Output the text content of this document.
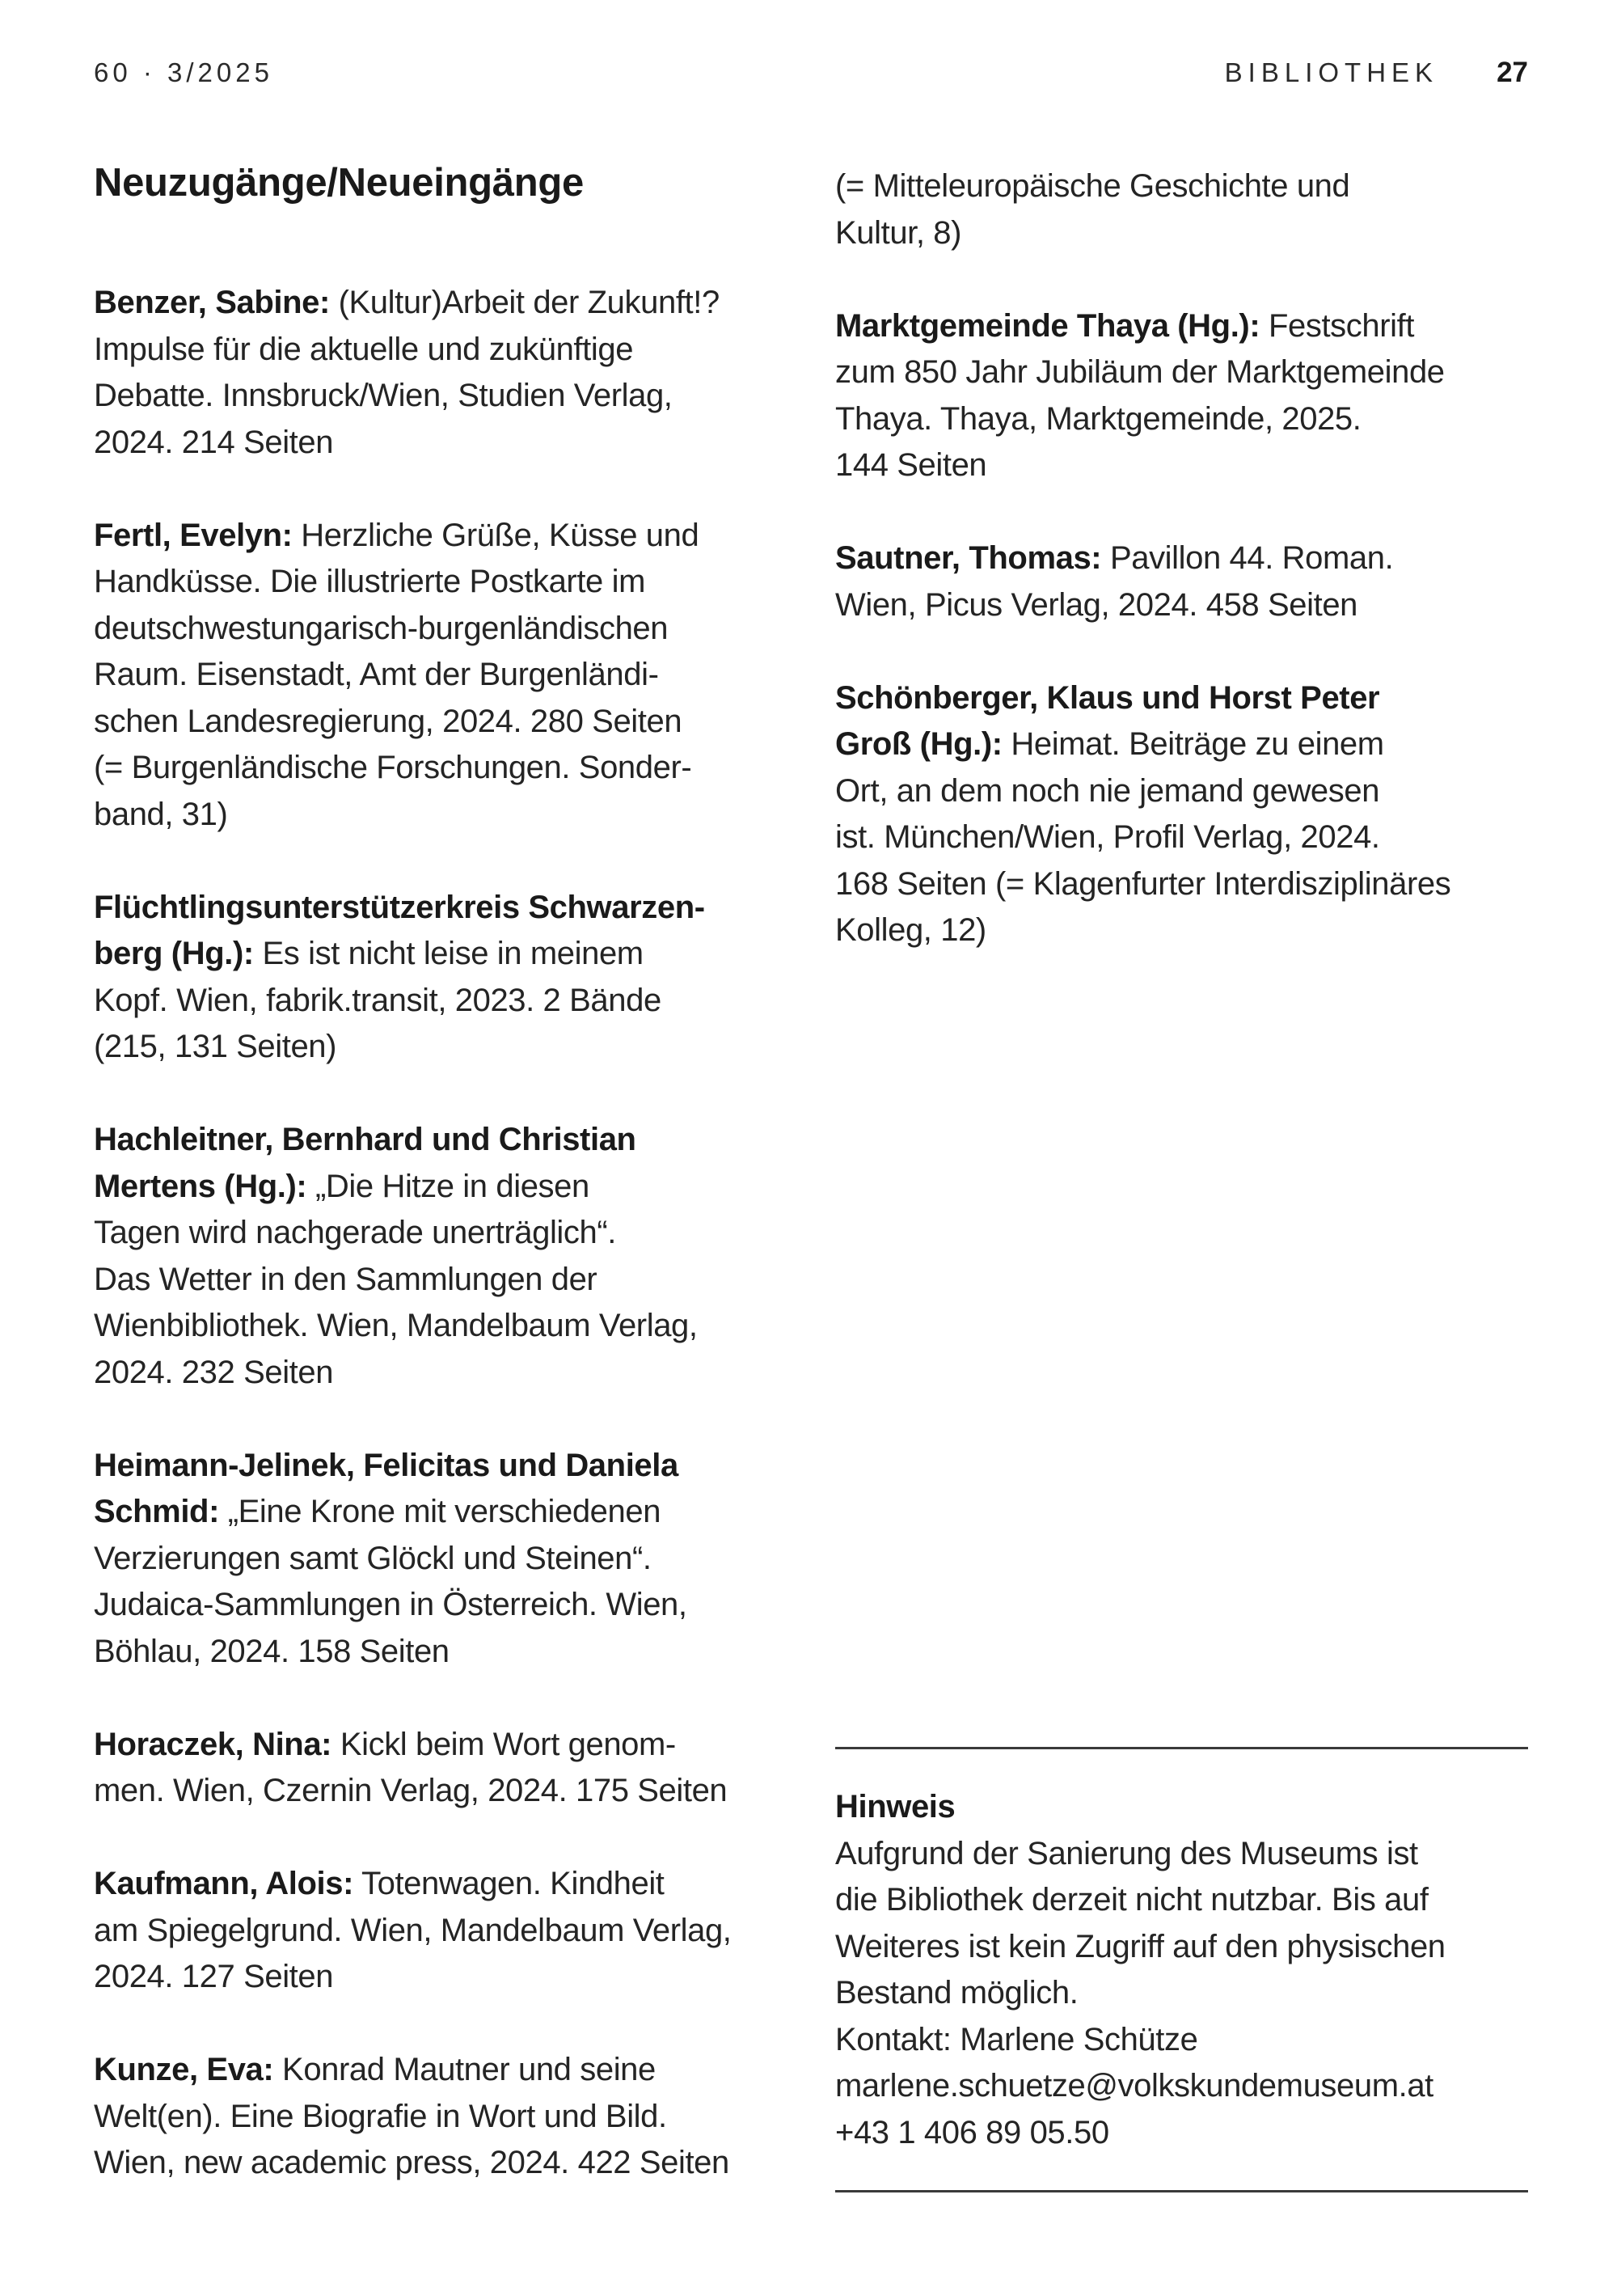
60 · 3/2025	BIBLIOTHEK 27
Neuzugänge/Neueingänge
Benzer, Sabine: (Kultur)Arbeit der Zukunft!?
Impulse für die aktuelle und zukünftige
Debatte. Innsbruck/Wien, Studien Verlag,
2024. 214 Seiten
Fertl, Evelyn: Herzliche Grüße, Küsse und
Handküsse. Die illustrierte Postkarte im
deutschwestungarisch-burgenländischen
Raum. Eisenstadt, Amt der Burgenländi-
schen Landesregierung, 2024. 280 Seiten
(= Burgenländische Forschungen. Sonder-
band, 31)
Flüchtlingsunterstützerkreis Schwarzen-
berg (Hg.): Es ist nicht leise in meinem
Kopf. Wien, fabrik.transit, 2023. 2 Bände
(215, 131 Seiten)
Hachleitner, Bernhard und Christian
Mertens (Hg.): „Die Hitze in diesen
Tagen wird nachgerade unerträglich“.
Das Wetter in den Sammlungen der
Wienbibliothek. Wien, Mandelbaum Verlag,
2024. 232 Seiten
Heimann-Jelinek, Felicitas und Daniela
Schmid: „Eine Krone mit verschiedenen
Verzierungen samt Glöckl und Steinen“.
Judaica-Sammlungen in Österreich. Wien,
Böhlau, 2024. 158 Seiten
Horaczek, Nina: Kickl beim Wort genom-
men. Wien, Czernin Verlag, 2024. 175 Seiten
Kaufmann, Alois: Totenwagen. Kindheit
am Spiegelgrund. Wien, Mandelbaum Verlag,
2024. 127 Seiten
Kunze, Eva: Konrad Mautner und seine
Welt(en). Eine Biografie in Wort und Bild.
Wien, new academic press, 2024. 422 Seiten
(= Mitteleuropäische Geschichte und
Kultur, 8)
Marktgemeinde Thaya (Hg.): Festschrift
zum 850 Jahr Jubiläum der Marktgemeinde
Thaya. Thaya, Marktgemeinde, 2025.
144 Seiten
Sautner, Thomas: Pavillon 44. Roman.
Wien, Picus Verlag, 2024. 458 Seiten
Schönberger, Klaus und Horst Peter
Groß (Hg.): Heimat. Beiträge zu einem
Ort, an dem noch nie jemand gewesen
ist. München/Wien, Profil Verlag, 2024.
168 Seiten (= Klagenfurter Interdisziplinäres
Kolleg, 12)
Hinweis
Aufgrund der Sanierung des Museums ist
die Bibliothek derzeit nicht nutzbar. Bis auf
Weiteres ist kein Zugriff auf den physischen
Bestand möglich.
Kontakt: Marlene Schütze
marlene.schuetze@volkskundemuseum.at
+43 1 406 89 05.50
